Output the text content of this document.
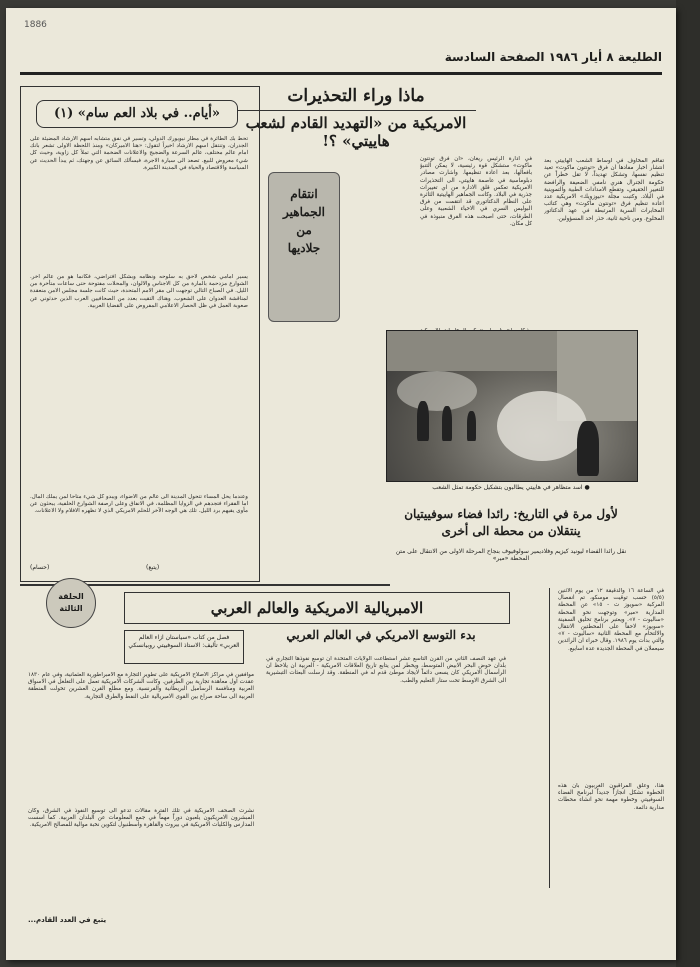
1886
الطليعة ٨ أيار ١٩٨٦ الصفحة السادسة
ماذا وراء التحذيرات
الامريكية من «التهديد القادم لشعب هاييتي» ؟!
تفاقم المخاوف في اوساط الشعب الهاييتي بعد انتشار اخبار مفادها ان فرق «تونتون ماكوت» تعيد تنظيم نفسها، وتشكل تهديداً، لا تقل خطراً عن حكومة الجنرال هنري نامفي الضعيفة والرافضة للتغيير الحقيقي، وتقطع الامدادات الطبية والتموينية في البلاد. وكتبت مجلة «نيوزويك» الامريكية عدد اعادة تنظيم فرق «تونتون ماكوت» وهي كتائب المخابرات السرية المرتبطة في عهد الدكتاتور المخلوع. ومن ناحية ثانية، حذر احد المسؤولين.
في ادارة الرئيس ريغان، «ان فرق تونتون ماكوت» ستشكل قوة رئيسية، لا يمكن التنبؤ بافعالها، بعد اعادة تنظيمها. واشارت مصادر دبلوماسية في عاصمة هاييتي، الى التحذيرات الامريكية تعكس قلق الادارة من اي تغييرات جذرية في البلاد. وكانت الجماهير الهاييتية الثائرة على النظام الدكتاتوري قد انتقمت من فرق البوليس السري في الاحياء الشعبية وعلى الطرقات، حتى اصبحت هذه الفرق منبوذة في كل مكان.
انتقام
الجماهير
من
جلاديها
● اسد متظاهر في هاييتي يطالبون بتشكيل حكومة تمثل الشعب
لأول مرة في التاريخ: رائدا فضاء سوفييتيان ينتقلان من محطة الى أخرى
نقل رائدا الفضاء ليونيد كيزيم وفلاديمير سولوفيوف بنجاح المرحلة الاولى من الانتقال على متن المحطة «مير»
في الساعة ١٦ والدقيقة ١٢ من يوم الاثنين (٥/٥) حسب توقيت موسكو، تم انفصال المركبة «سويوز ت - ١٥» عن المحطة المدارية «مير» وتوجهت نحو المحطة «ساليوت - ٧». ويعتبر برنامج تحليق السفينة «سويوز» لاحقاً على المحطتين الانتقال والالتحام مع المحطة الثانية «ساليوت - ٧» والتي بدأت يوم ١٩٨٦. وقال خبراء ان الرائدين سيعملان في المحطة الجديدة عدة اسابيع.
هذا، وعلق المراقبون الغربيون بان هذه الخطوة تشكل انجازاً جديداً لبرنامج الفضاء السوفييتي وخطوة مهمة نحو انشاء محطات مدارية دائمة.
«أيام.. في بلاد العم سام» (١)
تحط بك الطائرة في مطار نيويورك الدولي، وتسير في نفق متشابه اسهم الارشاد المضيئة على الجدران، وتنتقل اسهم الارشاد اخيراً لتقول: «هنا الاميركان» ومنذ اللحظة الاولى تشعر بانك امام عالم مختلف، عالم السرعة والضجيج والاعلانات الضخمة التي تملأ كل زاوية، وحيث كل شيء معروض للبيع. تصعد الى سيارة الاجرة، فيسألك السائق عن وجهتك، ثم يبدأ الحديث عن السياسة والاقتصاد والحياة في المدينة الكبيرة.
يسير امامي شخص لاحق به سلوحه ونظامه وبشكل افتراضي، فكأنما هو من عالم آخر. الشوارع مزدحمة بالمارة من كل الاجناس والالوان، والمحلات مفتوحة حتى ساعات متأخرة من الليل. في الصباح التالي توجهت الى مقر الامم المتحدة، حيث كانت جلسة مجلس الامن منعقدة لمناقشة العدوان على الشعوب. وهناك التقيت بعدد من الصحافيين العرب الذين حدثوني عن صعوبة العمل في ظل الحصار الاعلامي المفروض على القضايا العربية.
وعندما يحل المساء تتحول المدينة الى عالم من الاضواء، ويبدو كل شيء متاحاً لمن يملك المال. اما الفقراء فتجدهم في الزوايا المظلمة، في الانفاق وعلى ارصفة الشوارع الخلفية، يبحثون عن مأوى يقيهم برد الليل. تلك هي الوجه الآخر للحلم الامريكي الذي لا تظهره الافلام ولا الاعلانات.
(يتبع)
(حسام)
الحلقة الثالثة	الامبريالية الامريكية والعالم العربي
بدء التوسع الامريكي في العالم العربي
فصل من كتاب «سياستان ازاء العالم العربي» تأليف: الاستاذ السوفييتي روبيانسكي
في عهد النصف الثاني من القرن التاسع عشر استطاعت الولايات المتحدة ان توسع نفوذها التجاري في بلدان حوض البحر الابيض المتوسط، ويخطر لمن يتابع تاريخ العلاقات الامريكية - العربية ان يلاحظ ان الرأسمال الامريكي كان يسعى دائماً لايجاد موطئ قدم له في المنطقة. وقد ارسلت البعثات التبشيرية الى الشرق الاوسط تحت ستار التعليم والطب.
موافقين في مراكز الاصلاح الامريكية على تطوير التجارة مع الامبراطورية العثمانية، وفي عام ١٨٣٠ عقدت اول معاهدة تجارية بين الطرفين. وكانت الشركات الامريكية تعمل على التغلغل في الاسواق العربية ومنافسة الرساميل البريطانية والفرنسية. ومع مطلع القرن العشرين تحولت المنطقة العربية الى ساحة صراع بين القوى الامبريالية على النفط والطرق التجارية.
نشرت الصحف الامريكية في تلك الفترة مقالات تدعو الى توسيع النفوذ في الشرق، وكان المبشرون الامريكيون يلعبون دوراً مهماً في جمع المعلومات عن البلدان العربية. كما اسست المدارس والكليات الامريكية في بيروت والقاهرة واسطنبول لتكوين نخبة موالية للمصالح الامريكية.
يتبع في العدد القادم...
